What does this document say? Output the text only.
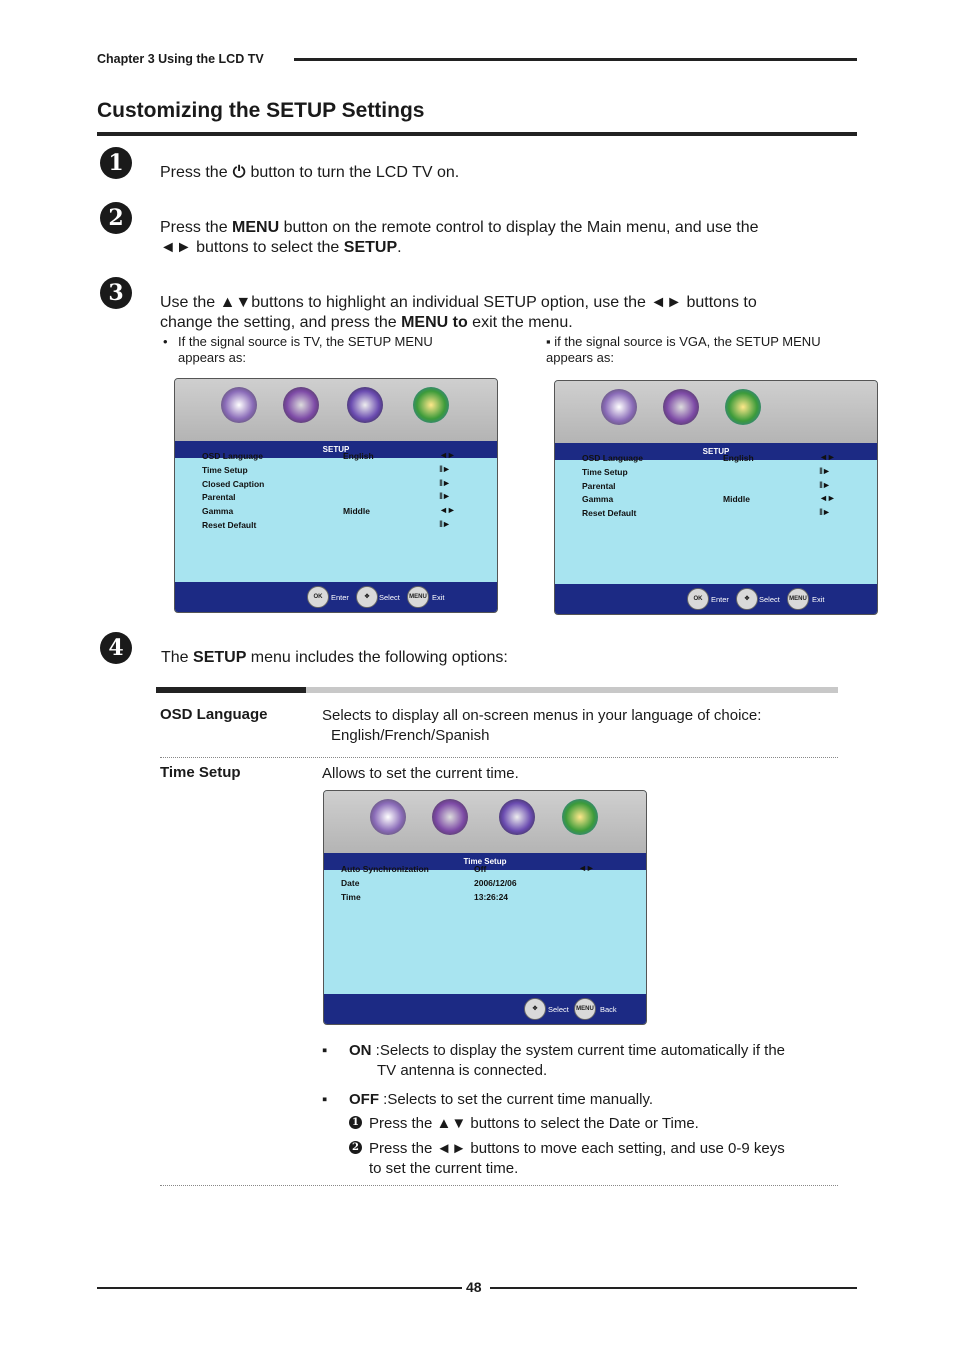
Chapter 3 Using the LCD TV
Customizing the SETUP Settings
1	Press the ⏻ button to turn the LCD TV on.
2	Press the MENU button on the remote control to display the Main menu, and use the
◄► buttons to select the SETUP.
3	Use the ▲▼buttons to highlight an individual SETUP option, use the ◄► buttons to
change the setting, and press the MENU to exit the menu.
• If the signal source is TV, the SETUP MENU
appears as:
▪ if the signal source is VGA, the SETUP MENU
appears as:
SETUP
OSD Language	English	◄►
Time Setup	II►
Closed Caption	II►
Parental	II►
Gamma	Middle	◄►
Reset Default	II►
OK	Enter	✥	Select	MENU Exit
SETUP
OSD Language	English	◄►
Time Setup	II►
Parental	II►
Gamma	Middle	◄►
Reset Default	II►
OK	Enter	✥	Select	MENU Exit
4	The SETUP menu includes the following options:
OSD Language	Selects to display all on-screen menus in your language of choice:
English/French/Spanish
Time Setup	Allows to set the current time.
Time Setup
Auto Synchronization	Off	◄►
Date	2006/12/06
Time	13:26:24
✥	Select	MENU Back
▪ ON :Selects to display the system current time automatically if the
TV antenna is connected.
▪ OFF :Selects to set the current time manually.
1 Press the ▲▼ buttons to select the Date or Time.
2 Press the ◄► buttons to move each setting, and use 0-9 keys
to set the current time.
48
